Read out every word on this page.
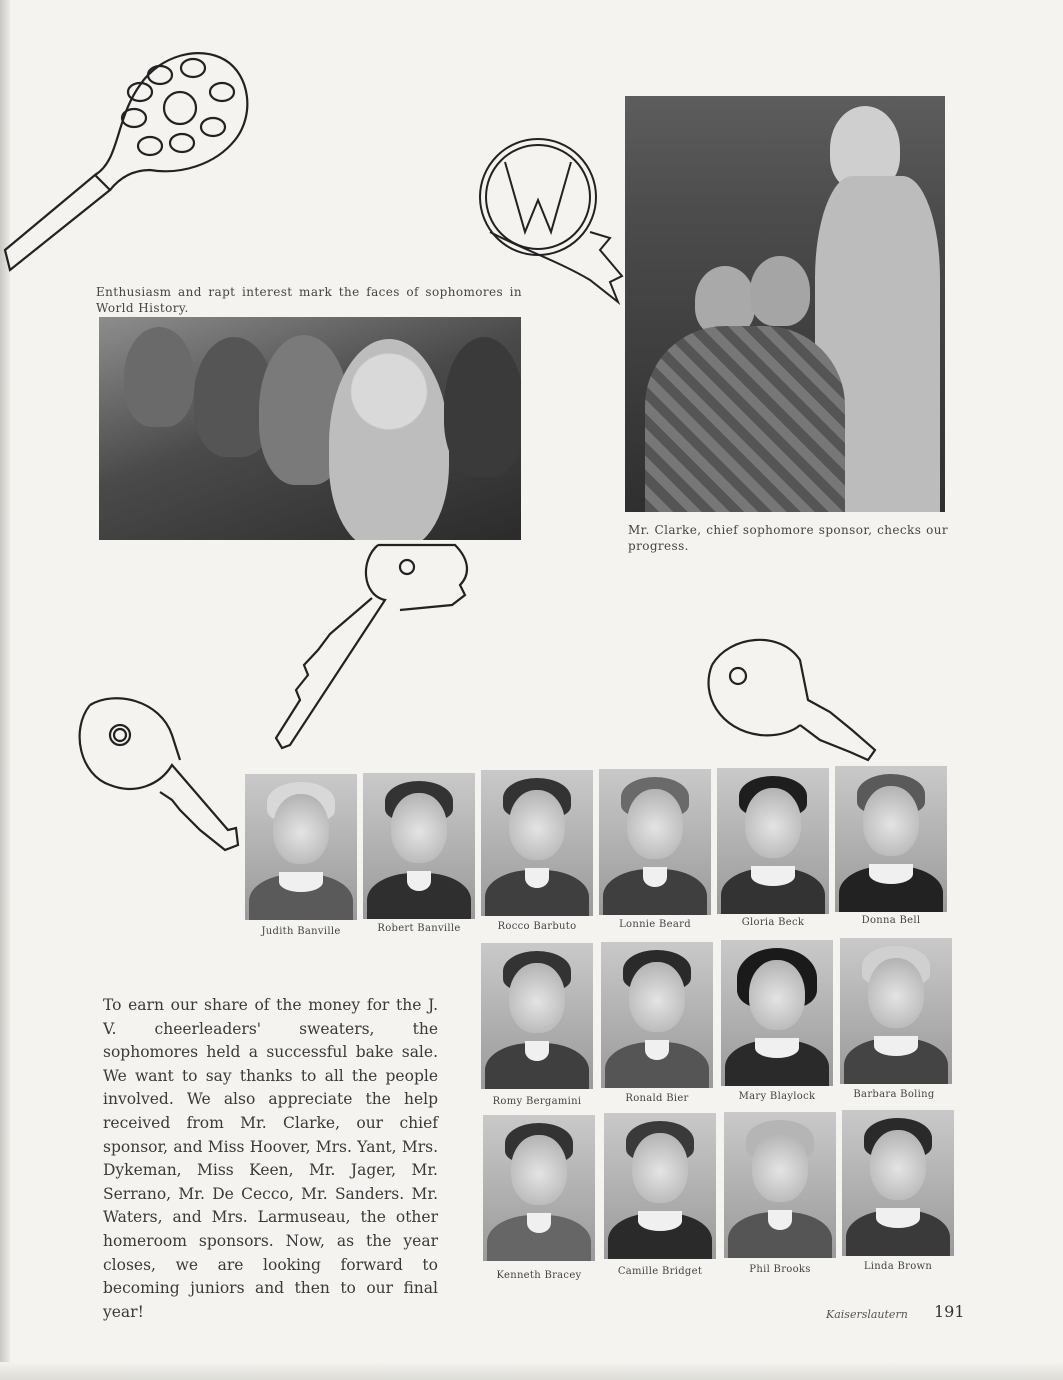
Enthusiasm and rapt interest mark the faces of sophomores in World History.
Mr. Clarke, chief sophomore sponsor, checks our progress.
Judith Banville	Robert Banville	Rocco Barbuto	Lonnie Beard	Gloria Beck	Donna Bell
Romy Bergamini	Ronald Bier	Mary Blaylock	Barbara Boling
Kenneth Bracey	Camille Bridget	Phil Brooks	Linda Brown
To earn our share of the money for the J. V. cheerleaders' sweaters, the sophomores held a successful bake sale. We want to say thanks to all the people involved. We also appreciate the help received from Mr. Clarke, our chief sponsor, and Miss Hoover, Mrs. Yant, Mrs. Dykeman, Miss Keen, Mr. Jager, Mr. Serrano, Mr. De Cecco, Mr. Sanders. Mr. Waters, and Mrs. Larmuseau, the other homeroom sponsors. Now, as the year closes, we are looking forward to becoming juniors and then to our final year!	Kaiserslautern 191
